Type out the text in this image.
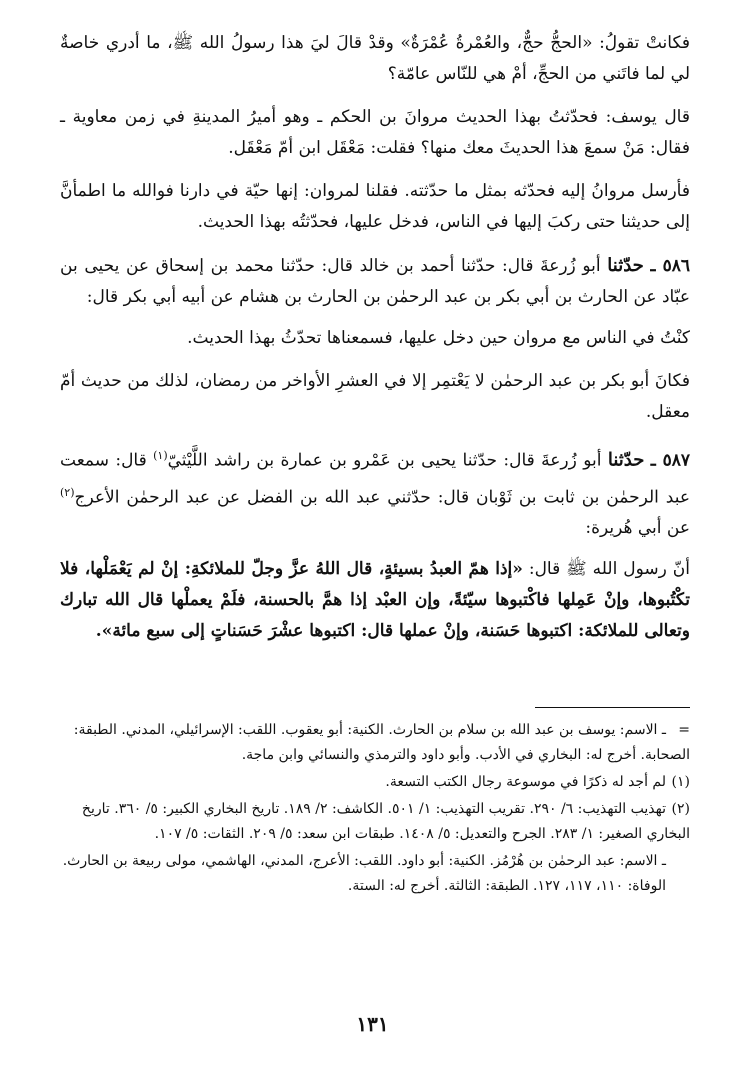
فكانتْ تقولُ: «الحجُّ حجٌّ، والعُمْرةُ عُمْرَةٌ» وقدْ قالَ ليَ هذا رسولُ الله ﷺ، ما أدري خاصةٌ لي لما فاتَني من الحجِّ، أمْ هي للنّاس عامّة؟

قال يوسف: فحدّثتُ بهذا الحديث مروانَ بن الحكم ـ وهو أميرُ المدينةِ في زمن معاوية ـ فقال: مَنْ سمعَ هذا الحديثَ معك منها؟ فقلت: مَعْقَل ابن أمّ مَعْقَل.

فأرسل مروانُ إليه فحدّثه بمثل ما حدّثته. فقلنا لمروان: إنها حيّة في دارنا فوالله ما اطمأنَّ إلى حديثنا حتى ركبَ إليها في الناس، فدخل عليها، فحدّثتُه بهذا الحديث.

٥٨٦ ـ حدّثنا أبو زُرعةَ قال: حدّثنا أحمد بن خالد قال: حدّثنا محمد بن إسحاق عن يحيى بن عبّاد عن الحارث بن أبي بكر بن عبد الرحمٰن بن الحارث بن هشام عن أبيه أبي بكر قال:

كنْتُ في الناس مع مروان حين دخل عليها، فسمعناها تحدّثُ بهذا الحديث.

فكانَ أبو بكر بن عبد الرحمٰن لا يَعْتمِر إلا في العشرِ الأواخر من رمضان، لذلك من حديث أمّ معقل.

٥٨٧ ـ حدّثنا أبو زُرعةَ قال: حدّثنا يحيى بن عَمْرو بن عمارة بن راشد اللَّيْثيّ$^{(١)}$ قال: سمعت عبد الرحمٰن بن ثابت بن ثَوْبان قال: حدّثني عبد الله بن الفضل عن عبد الرحمٰن الأعرج$^{(٢)}$ عن أبي هُريرة:

أنّ رسول الله ﷺ قال: «إذا همّ العبدُ بسيئةٍ، قال اللهُ عزَّ وجلّ للملائكةِ: إنْ لم يَعْمَلْها، فلا تكْتُبوها، وإنْ عَمِلها فاكْتبوها سيّئةً، وإن العبْد إذا همَّ بالحسنة، فلَمْ يعملْها قال الله تبارك وتعالى للملائكة: اكتبوها حَسَنة، وإنْ عملها قال: اكتبوها عشْرَ حَسَناتٍ إلى سبع مائة».

=ـ الاسم: يوسف بن عبد الله بن سلام بن الحارث. الكنية: أبو يعقوب. اللقب: الإسرائيلي، المدني. الطبقة: الصحابة. أخرج له: البخاري في الأدب. وأبو داود والترمذي والنسائي وابن ماجة.

(١)لم أجد له ذكرًا في موسوعة رجال الكتب التسعة.

(٢)تهذيب التهذيب: ٦/ ٢٩٠. تقريب التهذيب: ١/ ٥٠١. الكاشف: ٢/ ١٨٩. تاريخ البخاري الكبير: ٥/ ٣٦٠. تاريخ البخاري الصغير: ١/ ٢٨٣. الجرح والتعديل: ٥/ ١٤٠٨. طبقات ابن سعد: ٥/ ٢٠٩. الثقات: ٥/ ١٠٧.

ـ الاسم: عبد الرحمٰن بن هُرْمُز. الكنية: أبو داود. اللقب: الأعرج، المدني، الهاشمي، مولى ربيعة بن الحارث. الوفاة: ١١٠، ١١٧، ١٢٧. الطبقة: الثالثة. أخرج له: الستة.

١٣١
